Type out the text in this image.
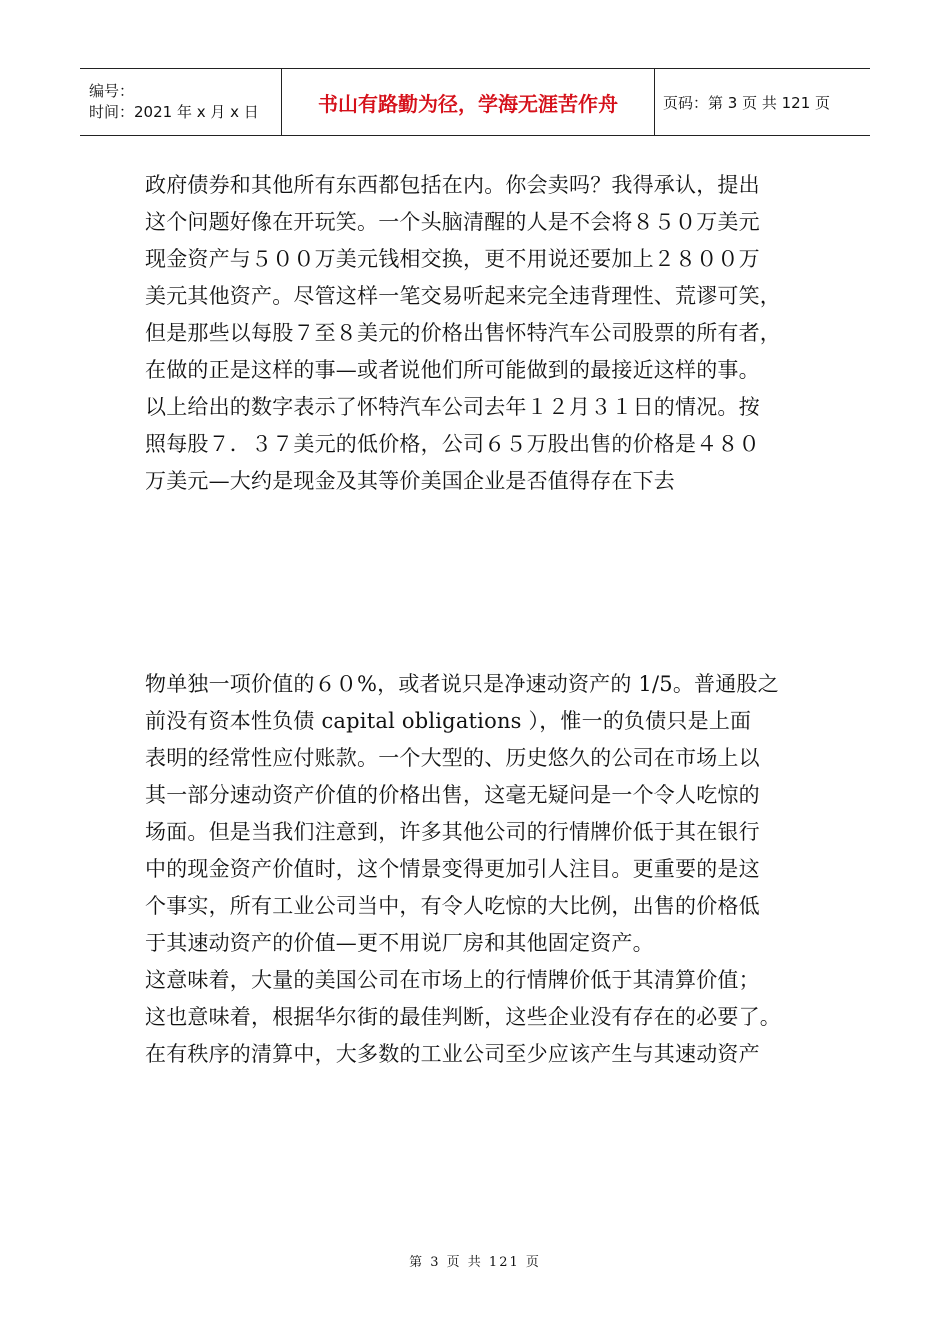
编号：
时间：2021 年 x 月 x 日	书山有路勤为径，学海无涯苦作舟	页码：第 3 页 共 121 页

政府债券和其他所有东西都包括在内。你会卖吗？我得承认，提出

这个问题好像在开玩笑。一个头脑清醒的人是不会将８５０万美元

现金资产与５００万美元钱相交换，更不用说还要加上２８００万

美元其他资产。尽管这样一笔交易听起来完全违背理性、荒谬可笑，

但是那些以每股７至８美元的价格出售怀特汽车公司股票的所有者，

在做的正是这样的事—或者说他们所可能做到的最接近这样的事。

以上给出的数字表示了怀特汽车公司去年１２月３１日的情况。按

照每股７．３７美元的低价格，公司６５万股出售的价格是４８０

万美元—大约是现金及其等价美国企业是否值得存在下去

物单独一项价值的６０%，或者说只是净速动资产的 1/5。普通股之

前没有资本性负债 capital obligations ），惟一的负债只是上面

表明的经常性应付账款。一个大型的、历史悠久的公司在市场上以

其一部分速动资产价值的价格出售，这毫无疑问是一个令人吃惊的

场面。但是当我们注意到，许多其他公司的行情牌价低于其在银行

中的现金资产价值时，这个情景变得更加引人注目。更重要的是这

个事实，所有工业公司当中，有令人吃惊的大比例，出售的价格低

于其速动资产的价值—更不用说厂房和其他固定资产。

这意味着，大量的美国公司在市场上的行情牌价低于其清算价值；

这也意味着，根据华尔街的最佳判断，这些企业没有存在的必要了。

在有秩序的清算中，大多数的工业公司至少应该产生与其速动资产

第 3 页 共 121 页
